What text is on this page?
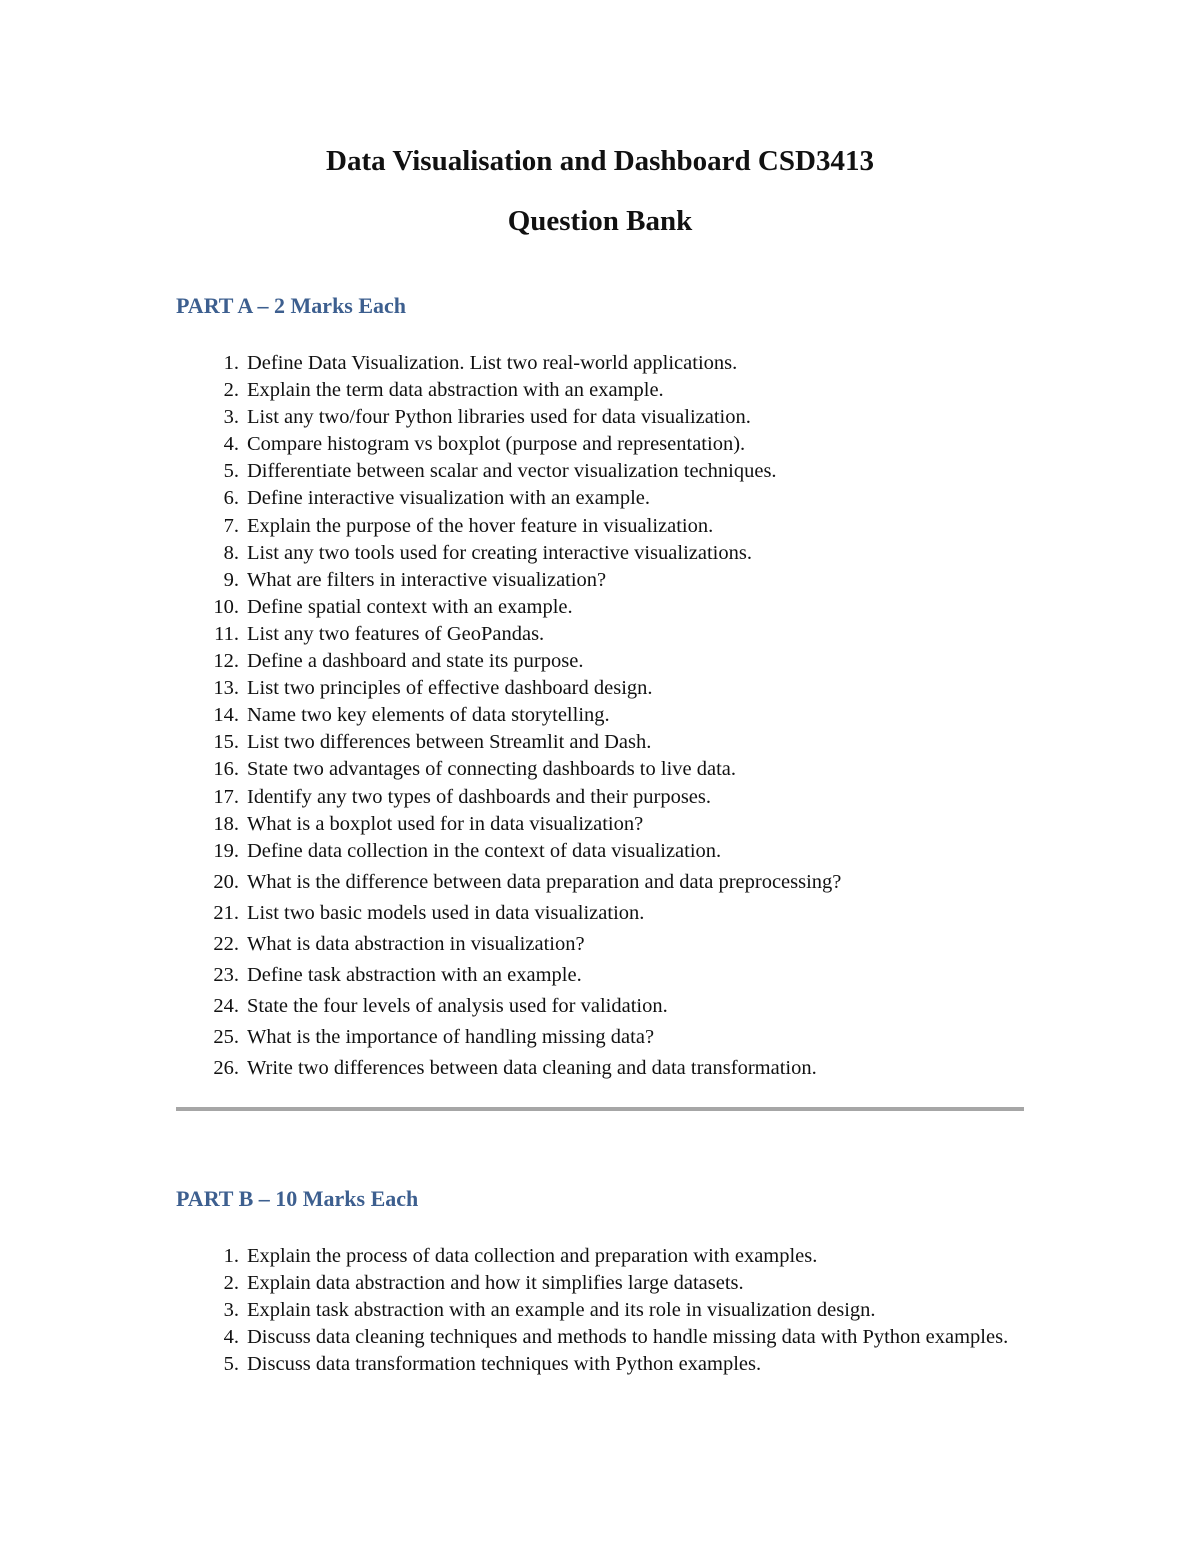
Data Visualisation and Dashboard CSD3413
Question Bank
PART A – 2 Marks Each
1. Define Data Visualization. List two real-world applications.
2. Explain the term data abstraction with an example.
3. List any two/four Python libraries used for data visualization.
4. Compare histogram vs boxplot (purpose and representation).
5. Differentiate between scalar and vector visualization techniques.
6. Define interactive visualization with an example.
7. Explain the purpose of the hover feature in visualization.
8. List any two tools used for creating interactive visualizations.
9. What are filters in interactive visualization?
10. Define spatial context with an example.
11. List any two features of GeoPandas.
12. Define a dashboard and state its purpose.
13. List two principles of effective dashboard design.
14. Name two key elements of data storytelling.
15. List two differences between Streamlit and Dash.
16. State two advantages of connecting dashboards to live data.
17. Identify any two types of dashboards and their purposes.
18. What is a boxplot used for in data visualization?
19. Define data collection in the context of data visualization.
20. What is the difference between data preparation and data preprocessing?
21. List two basic models used in data visualization.
22. What is data abstraction in visualization?
23. Define task abstraction with an example.
24. State the four levels of analysis used for validation.
25. What is the importance of handling missing data?
26. Write two differences between data cleaning and data transformation.
PART B – 10 Marks Each
1. Explain the process of data collection and preparation with examples.
2. Explain data abstraction and how it simplifies large datasets.
3. Explain task abstraction with an example and its role in visualization design.
4. Discuss data cleaning techniques and methods to handle missing data with Python examples.
5. Discuss data transformation techniques with Python examples.
